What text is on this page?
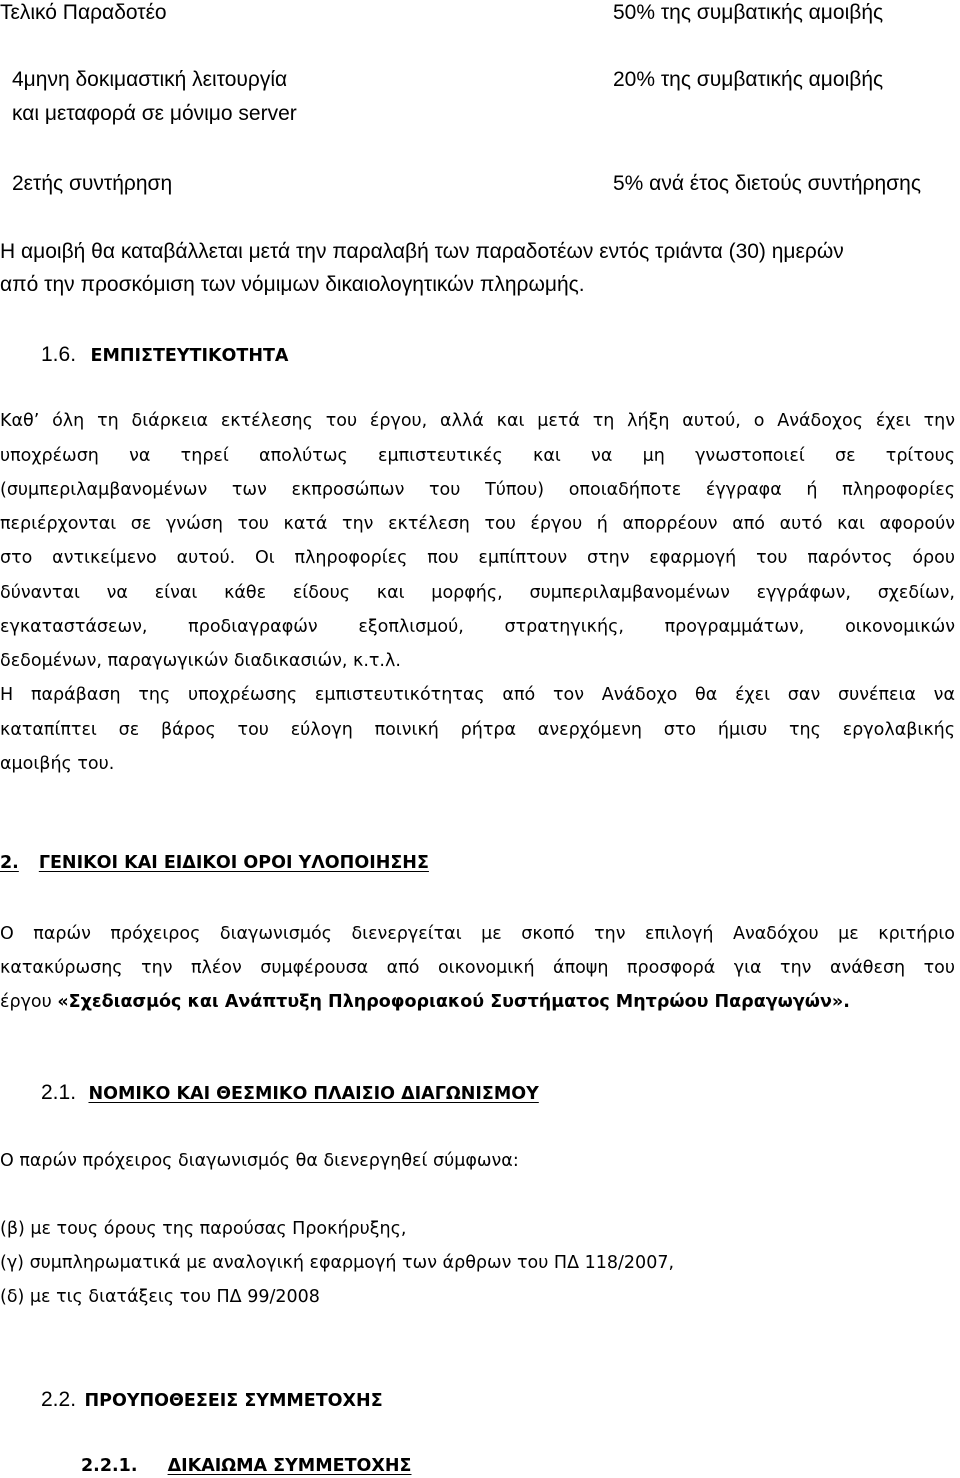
Τελικό Παραδοτέο	50% της συμβατικής αμοιβής
4μηνη δοκιμαστική λειτουργία
και μεταφορά σε μόνιμο server
20% της συμβατικής αμοιβής
2ετής συντήρηση	5% ανά έτος διετούς συντήρησης
Η αμοιβή θα καταβάλλεται μετά την παραλαβή των παραδοτέων εντός τριάντα (30) ημερών
από την προσκόμιση των νόμιμων δικαιολογητικών πληρωμής.
1.6. ΕΜΠΙΣΤΕΥΤΙΚΟΤΗΤΑ
Καθ’ όλη τη διάρκεια εκτέλεσης του έργου, αλλά και μετά τη λήξη αυτού, ο Ανάδοχος έχει την
υποχρέωση να τηρεί απολύτως εμπιστευτικές και να μη γνωστοποιεί σε τρίτους
(συμπεριλαμβανομένων των εκπροσώπων του Τύπου) οποιαδήποτε έγγραφα ή πληροφορίες
περιέρχονται σε γνώση του κατά την εκτέλεση του έργου ή απορρέουν από αυτό και αφορούν
στο αντικείμενο αυτού. Οι πληροφορίες που εμπίπτουν στην εφαρμογή του παρόντος όρου
δύνανται να είναι κάθε είδους και μορφής, συμπεριλαμβανομένων εγγράφων, σχεδίων,
εγκαταστάσεων, προδιαγραφών εξοπλισμού, στρατηγικής, προγραμμάτων, οικονομικών
δεδομένων, παραγωγικών διαδικασιών, κ.τ.λ.
Η παράβαση της υποχρέωσης εμπιστευτικότητας από τον Ανάδοχο θα έχει σαν συνέπεια να
καταπίπτει σε βάρος του εύλογη ποινική ρήτρα ανερχόμενη στο ήμισυ της εργολαβικής
αμοιβής του.
2. ΓΕΝΙΚΟΙ ΚΑΙ ΕΙΔΙΚΟΙ ΟΡΟΙ ΥΛΟΠΟΙΗΣΗΣ
Ο παρών πρόχειρος διαγωνισμός διενεργείται με σκοπό την επιλογή Αναδόχου με κριτήριο
κατακύρωσης την πλέον συμφέρουσα από οικονομική άποψη προσφορά για την ανάθεση του
έργου «Σχεδιασμός και Ανάπτυξη Πληροφοριακού Συστήματος Μητρώου Παραγωγών».
2.1. ΝΟΜΙΚΟ ΚΑΙ ΘΕΣΜΙΚΟ ΠΛΑΙΣΙΟ ΔΙΑΓΩΝΙΣΜΟΥ
Ο παρών πρόχειρος διαγωνισμός θα διενεργηθεί σύμφωνα:
(β) με τους όρους της παρούσας Προκήρυξης,
(γ) συμπληρωματικά με αναλογική εφαρμογή των άρθρων του ΠΔ 118/2007,
(δ) με τις διατάξεις του ΠΔ 99/2008
2.2. ΠΡΟΥΠΟΘΕΣΕΙΣ ΣΥΜΜΕΤΟΧΗΣ
2.2.1. ΔΙΚΑΙΩΜΑ ΣΥΜΜΕΤΟΧΗΣ
